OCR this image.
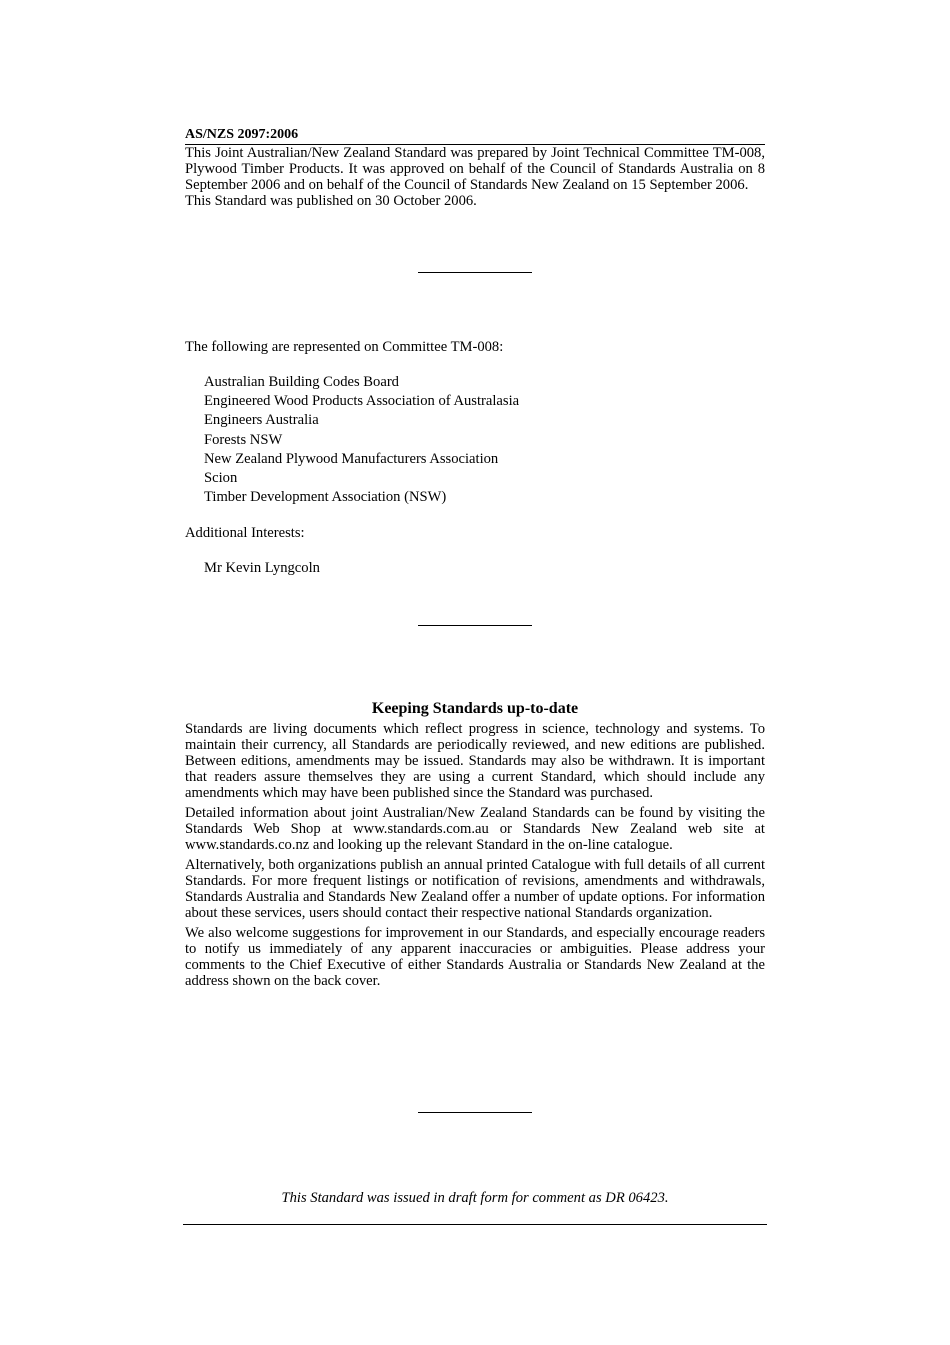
AS/NZS 2097:2006

This Joint Australian/New Zealand Standard was prepared by Joint Technical Committee TM-008, Plywood Timber Products. It was approved on behalf of the Council of Standards Australia on 8 September 2006 and on behalf of the Council of Standards New Zealand on 15 September 2006.

This Standard was published on 30 October 2006.

The following are represented on Committee TM-008:
Australian Building Codes Board
Engineered Wood Products Association of Australasia
Engineers Australia
Forests NSW
New Zealand Plywood Manufacturers Association
Scion
Timber Development Association (NSW)
Additional Interests:
Mr Kevin Lyngcoln
Keeping Standards up-to-date

Standards are living documents which reflect progress in science, technology and systems. To maintain their currency, all Standards are periodically reviewed, and new editions are published. Between editions, amendments may be issued. Standards may also be withdrawn. It is important that readers assure themselves they are using a current Standard, which should include any amendments which may have been published since the Standard was purchased.

Detailed information about joint Australian/New Zealand Standards can be found by visiting the Standards Web Shop at www.standards.com.au or Standards New Zealand web site at www.standards.co.nz and looking up the relevant Standard in the on-line catalogue.

Alternatively, both organizations publish an annual printed Catalogue with full details of all current Standards. For more frequent listings or notification of revisions, amendments and withdrawals, Standards Australia and Standards New Zealand offer a number of update options. For information about these services, users should contact their respective national Standards organization.

We also welcome suggestions for improvement in our Standards, and especially encourage readers to notify us immediately of any apparent inaccuracies or ambiguities. Please address your comments to the Chief Executive of either Standards Australia or Standards New Zealand at the address shown on the back cover.

This Standard was issued in draft form for comment as DR 06423.
